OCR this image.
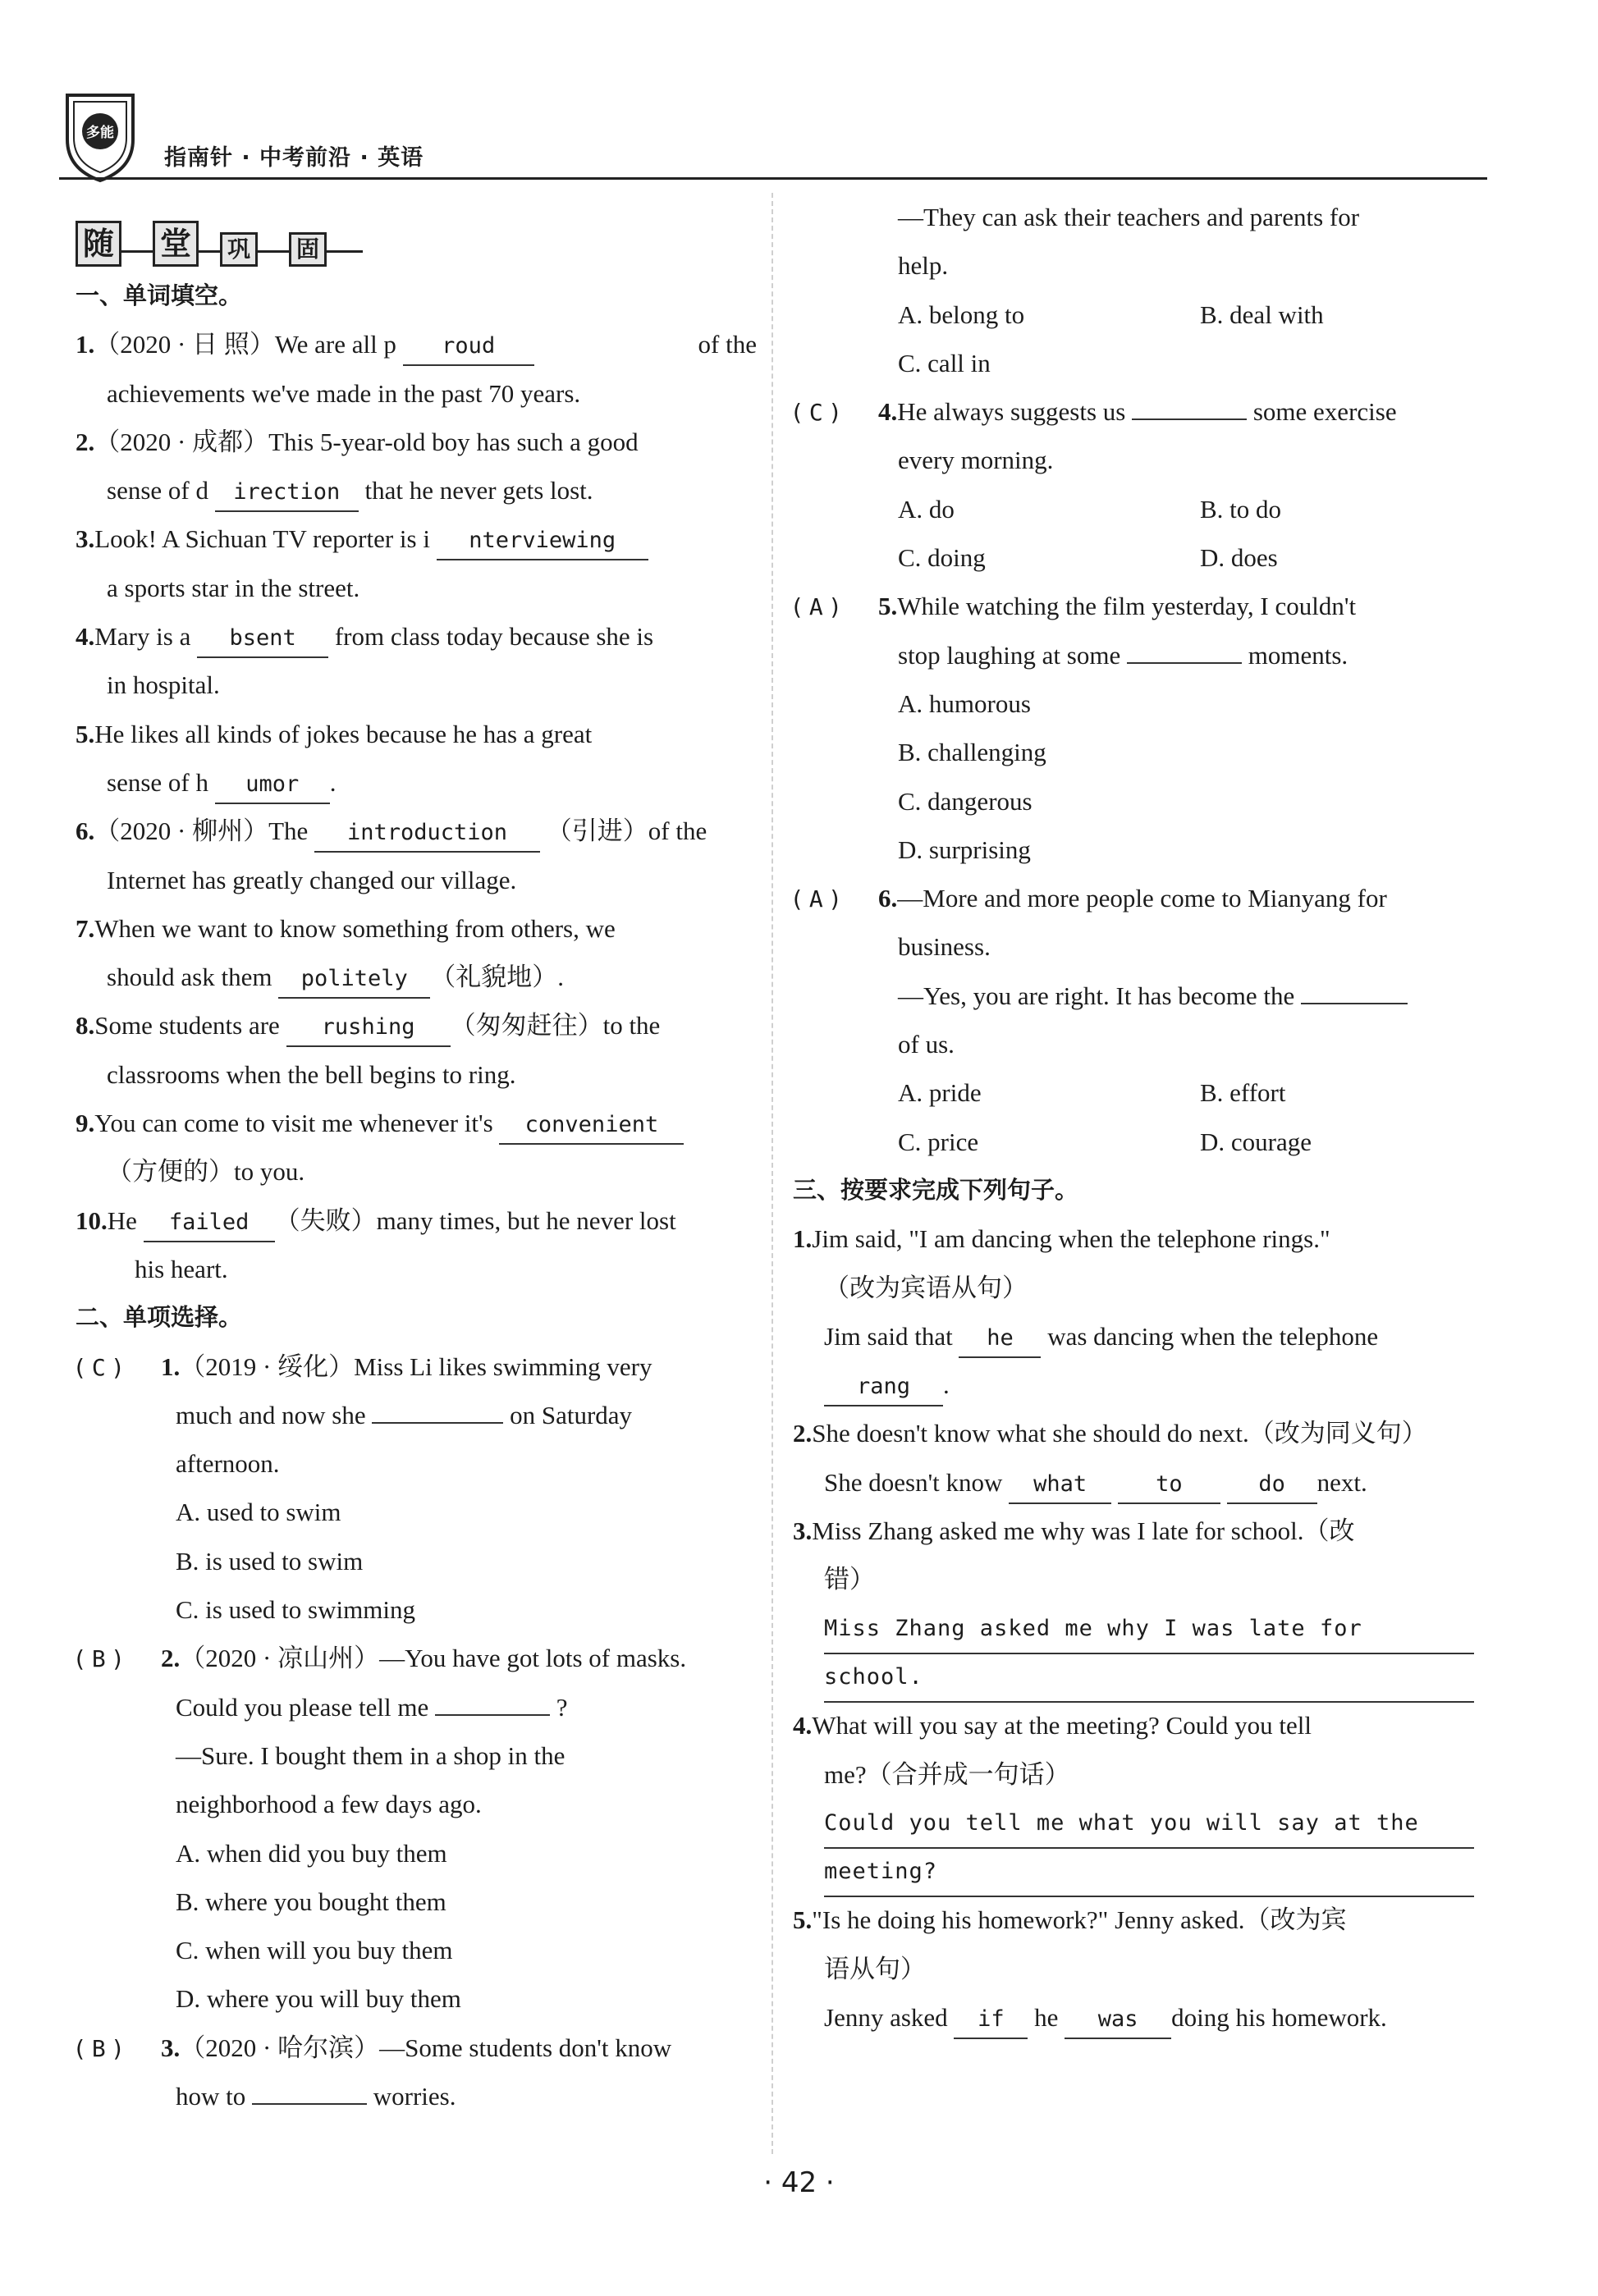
多能
指南针 · 中考前沿 · 英语
随 堂	巩	固
一、单词填空。
1.（2020 · 日 照）We are all p roud	of the
achievements we've made in the past 70 years.
2.（2020 · 成都）This 5-year-old boy has such a good
sense of d irection that he never gets lost.
3.Look! A Sichuan TV reporter is i nterviewing
a sports star in the street.
4.Mary is a bsent from class today because she is
in hospital.
5.He likes all kinds of jokes because he has a great
sense of h umor .
6.（2020 · 柳州）The introduction （引进）of the
Internet has greatly changed our village.
7.When we want to know something from others, we
should ask them politely （礼貌地）.
8.Some students are rushing （匆匆赶往）to the
classrooms when the bell begins to ring.
9.You can come to visit me whenever it's convenient
（方便的）to you.
10.He failed （失败）many times, but he never lost
his heart.
二、单项选择。
( C ) 1.（2019 · 绥化）Miss Li likes swimming very
much and now she	on Saturday
afternoon.
A. used to swim
B. is used to swim
C. is used to swimming
( B ) 2.（2020 · 凉山州）—You have got lots of masks.
Could you please tell me	?
—Sure. I bought them in a shop in the
neighborhood a few days ago.
A. when did you buy them
B. where you bought them
C. when will you buy them
D. where you will buy them
( B ) 3.（2020 · 哈尔滨）—Some students don't know
how to	worries.
—They can ask their teachers and parents for
help.
A. belong to	B. deal with
C. call in
( C ) 4.He always suggests us	some exercise
every morning.
A. do	B. to do
C. doing	D. does
( A ) 5.While watching the film yesterday, I couldn't
stop laughing at some	moments.
A. humorous
B. challenging
C. dangerous
D. surprising
( A ) 6.—More and more people come to Mianyang for
business.
—Yes, you are right. It has become the
of us.
A. pride	B. effort
C. price	D. courage
三、按要求完成下列句子。
1.Jim said, "I am dancing when the telephone rings."
（改为宾语从句）
Jim said that he was dancing when the telephone
rang .
2.She doesn't know what she should do next.（改为同义句）
She doesn't know what	to	do next.
3.Miss Zhang asked me why was I late for school.（改
错）
Miss Zhang asked me why I was late for
school.
4.What will you say at the meeting? Could you tell
me?（合并成一句话）
Could you tell me what you will say at the
meeting?
5."Is he doing his homework?" Jenny asked.（改为宾
语从句）
Jenny asked if he was doing his homework.
· 42 ·
